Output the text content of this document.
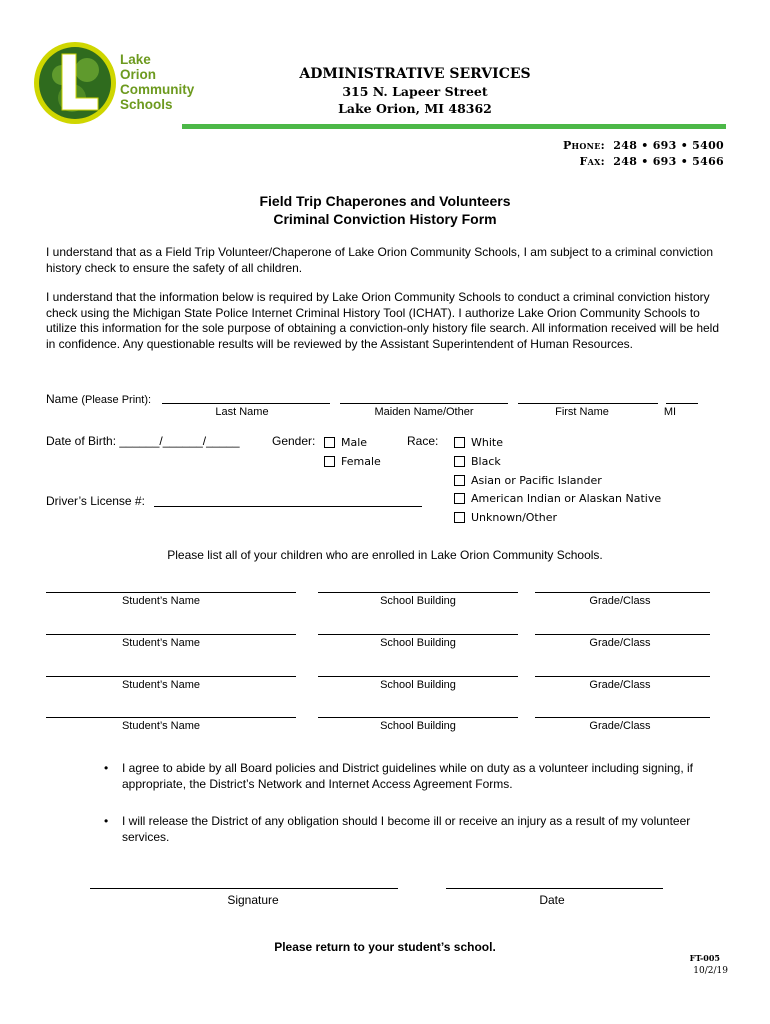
Lake
Orion
Community
Schools
ADMINISTRATIVE SERVICES
315 N. Lapeer Street
Lake Orion, MI 48362
Phone: 248 • 693 • 5400
Fax: 248 • 693 • 5466
Field Trip Chaperones and Volunteers
Criminal Conviction History Form
I understand that as a Field Trip Volunteer/Chaperone of Lake Orion Community Schools, I am subject to a criminal conviction history check to ensure the safety of all children.
I understand that the information below is required by Lake Orion Community Schools to conduct a criminal conviction history check using the Michigan State Police Internet Criminal History Tool (ICHAT). I authorize Lake Orion Community Schools to utilize this information for the sole purpose of obtaining a conviction-only history file search. All information received will be held in confidence. Any questionable results will be reviewed by the Assistant Superintendent of Human Resources.
Name (Please Print):
Last Name	Maiden Name/Other	First Name	MI
Date of Birth: ______/______/_____	Gender: Male
Female
Race:	White
Black
Asian or Pacific Islander
American Indian or Alaskan Native
Unknown/Other
Driver’s License #:
Please list all of your children who are enrolled in Lake Orion Community Schools.
Student’s Name	School Building	Grade/Class
Student’s Name	School Building	Grade/Class
Student’s Name	School Building	Grade/Class
Student’s Name	School Building	Grade/Class
•	I agree to abide by all Board policies and District guidelines while on duty as a volunteer including signing, if appropriate, the District’s Network and Internet Access Agreement Forms.
•	I will release the District of any obligation should I become ill or receive an injury as a result of my volunteer services.
Signature	Date
Please return to your student’s school.
FT-005
10/2/19
